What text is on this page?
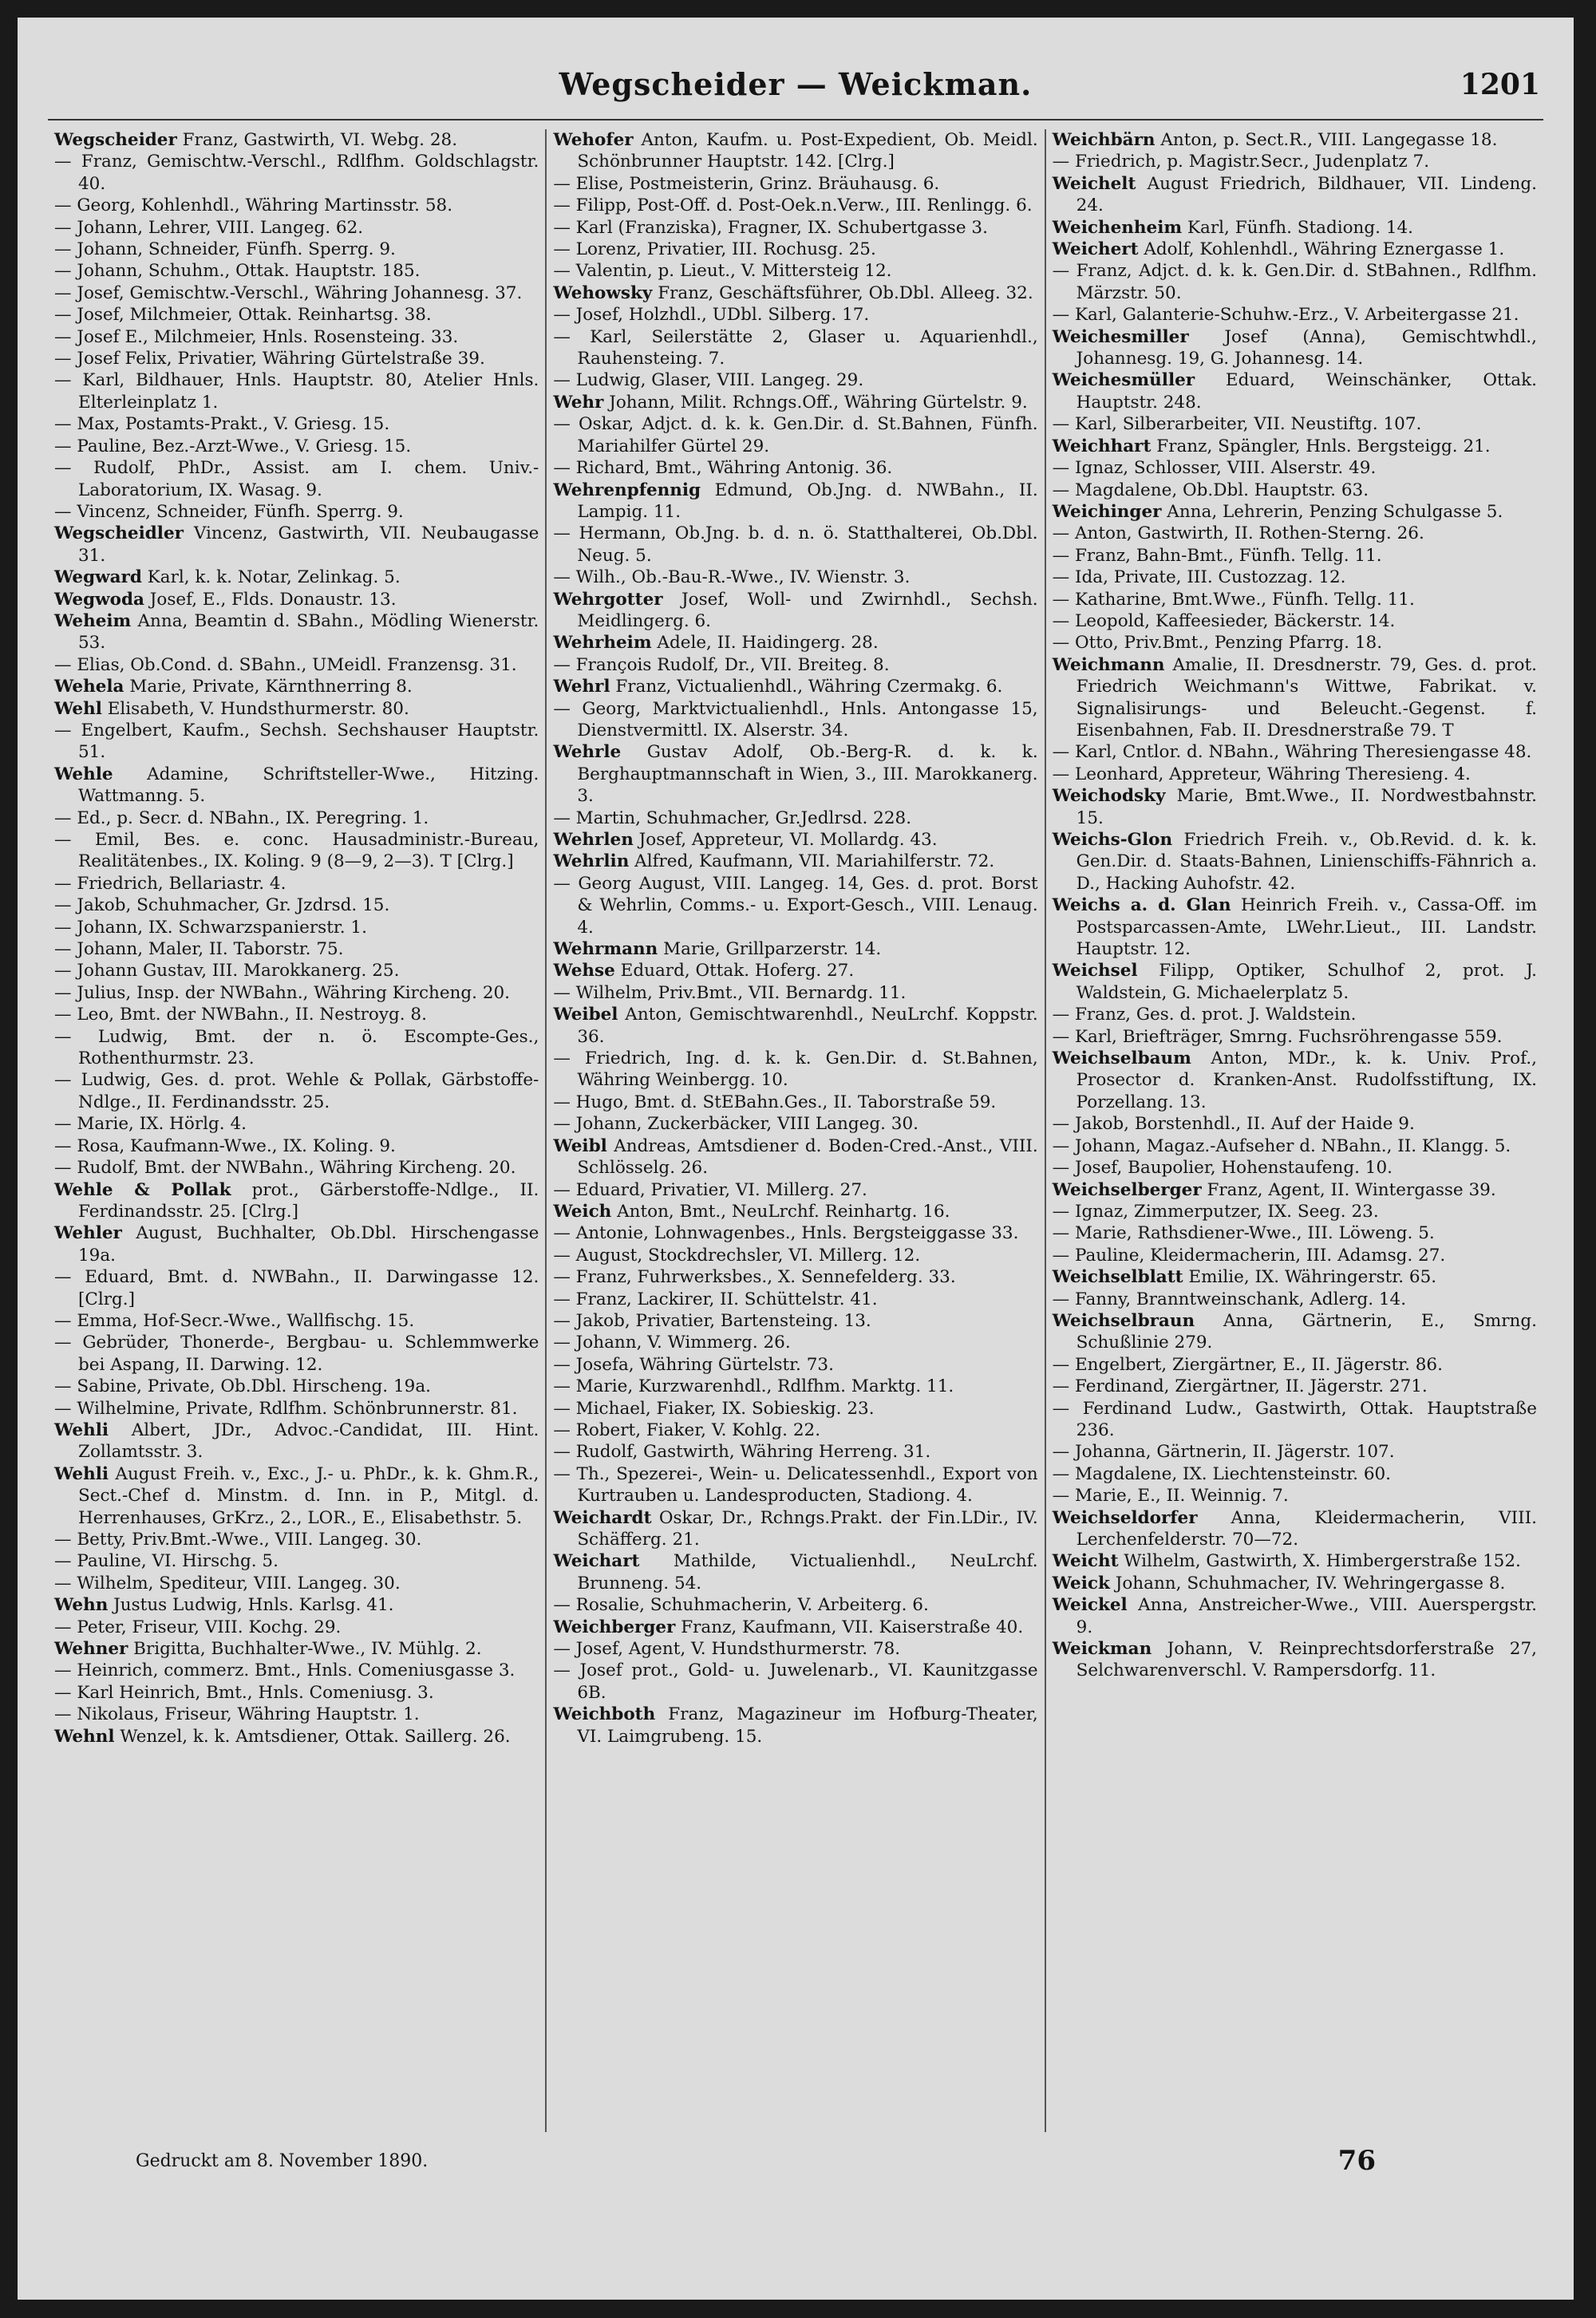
Wegscheider — Weickman.	1201

Wegscheider Franz, Gastwirth, VI. Webg. 28.

— Franz, Gemischtw.-Verschl., Rdlfhm. Goldschlagstr. 40.

— Georg, Kohlenhdl., Währing Martinsstr. 58.

— Johann, Lehrer, VIII. Langeg. 62.

— Johann, Schneider, Fünfh. Sperrg. 9.

— Johann, Schuhm., Ottak. Hauptstr. 185.

— Josef, Gemischtw.-Verschl., Währing Johannesg. 37.

— Josef, Milchmeier, Ottak. Reinhartsg. 38.

— Josef E., Milchmeier, Hnls. Rosensteing. 33.

— Josef Felix, Privatier, Währing Gürtelstraße 39.

— Karl, Bildhauer, Hnls. Hauptstr. 80, Atelier Hnls. Elterleinplatz 1.

— Max, Postamts-Prakt., V. Griesg. 15.

— Pauline, Bez.-Arzt-Wwe., V. Griesg. 15.

— Rudolf, PhDr., Assist. am I. chem. Univ.-Laboratorium, IX. Wasag. 9.

— Vincenz, Schneider, Fünfh. Sperrg. 9.

Wegscheidler Vincenz, Gastwirth, VII. Neubaugasse 31.

Wegward Karl, k. k. Notar, Zelinkag. 5.

Wegwoda Josef, E., Flds. Donaustr. 13.

Weheim Anna, Beamtin d. SBahn., Mödling Wienerstr. 53.

— Elias, Ob.Cond. d. SBahn., UMeidl. Franzensg. 31.

Wehela Marie, Private, Kärnthnerring 8.

Wehl Elisabeth, V. Hundsthurmerstr. 80.

— Engelbert, Kaufm., Sechsh. Sechshauser Hauptstr. 51.

Wehle Adamine, Schriftsteller-Wwe., Hitzing. Wattmanng. 5.

— Ed., p. Secr. d. NBahn., IX. Peregring. 1.

— Emil, Bes. e. conc. Hausadministr.-Bureau, Realitätenbes., IX. Koling. 9 (8—9, 2—3). T [Clrg.]

— Friedrich, Bellariastr. 4.

— Jakob, Schuhmacher, Gr. Jzdrsd. 15.

— Johann, IX. Schwarzspanierstr. 1.

— Johann, Maler, II. Taborstr. 75.

— Johann Gustav, III. Marokkanerg. 25.

— Julius, Insp. der NWBahn., Währing Kircheng. 20.

— Leo, Bmt. der NWBahn., II. Nestroyg. 8.

— Ludwig, Bmt. der n. ö. Escompte-Ges., Rothenthurmstr. 23.

— Ludwig, Ges. d. prot. Wehle & Pollak, Gärbstoffe-Ndlge., II. Ferdinandsstr. 25.

— Marie, IX. Hörlg. 4.

— Rosa, Kaufmann-Wwe., IX. Koling. 9.

— Rudolf, Bmt. der NWBahn., Währing Kircheng. 20.

Wehle & Pollak prot., Gärberstoffe-Ndlge., II. Ferdinandsstr. 25. [Clrg.]

Wehler August, Buchhalter, Ob.Dbl. Hirschengasse 19a.

— Eduard, Bmt. d. NWBahn., II. Darwingasse 12. [Clrg.]

— Emma, Hof-Secr.-Wwe., Wallfischg. 15.

— Gebrüder, Thonerde-, Bergbau- u. Schlemmwerke bei Aspang, II. Darwing. 12.

— Sabine, Private, Ob.Dbl. Hirscheng. 19a.

— Wilhelmine, Private, Rdlfhm. Schönbrunnerstr. 81.

Wehli Albert, JDr., Advoc.-Candidat, III. Hint. Zollamtsstr. 3.

Wehli August Freih. v., Exc., J.- u. PhDr., k. k. Ghm.R., Sect.-Chef d. Minstm. d. Inn. in P., Mitgl. d. Herrenhauses, GrKrz., 2., LOR., E., Elisabethstr. 5.

— Betty, Priv.Bmt.-Wwe., VIII. Langeg. 30.

— Pauline, VI. Hirschg. 5.

— Wilhelm, Spediteur, VIII. Langeg. 30.

Wehn Justus Ludwig, Hnls. Karlsg. 41.

— Peter, Friseur, VIII. Kochg. 29.

Wehner Brigitta, Buchhalter-Wwe., IV. Mühlg. 2.

— Heinrich, commerz. Bmt., Hnls. Comeniusgasse 3.

— Karl Heinrich, Bmt., Hnls. Comeniusg. 3.

— Nikolaus, Friseur, Währing Hauptstr. 1.

Wehnl Wenzel, k. k. Amtsdiener, Ottak. Saillerg. 26.

Wehofer Anton, Kaufm. u. Post-Expedient, Ob. Meidl. Schönbrunner Hauptstr. 142. [Clrg.]

— Elise, Postmeisterin, Grinz. Bräuhausg. 6.

— Filipp, Post-Off. d. Post-Oek.n.Verw., III. Renlingg. 6.

— Karl (Franziska), Fragner, IX. Schubertgasse 3.

— Lorenz, Privatier, III. Rochusg. 25.

— Valentin, p. Lieut., V. Mittersteig 12.

Wehowsky Franz, Geschäftsführer, Ob.Dbl. Alleeg. 32.

— Josef, Holzhdl., UDbl. Silberg. 17.

— Karl, Seilerstätte 2, Glaser u. Aquarienhdl., Rauhensteing. 7.

— Ludwig, Glaser, VIII. Langeg. 29.

Wehr Johann, Milit. Rchngs.Off., Währing Gürtelstr. 9.

— Oskar, Adjct. d. k. k. Gen.Dir. d. St.Bahnen, Fünfh. Mariahilfer Gürtel 29.

— Richard, Bmt., Währing Antonig. 36.

Wehrenpfennig Edmund, Ob.Jng. d. NWBahn., II. Lampig. 11.

— Hermann, Ob.Jng. b. d. n. ö. Statthalterei, Ob.Dbl. Neug. 5.

— Wilh., Ob.-Bau-R.-Wwe., IV. Wienstr. 3.

Wehrgotter Josef, Woll- und Zwirnhdl., Sechsh. Meidlingerg. 6.

Wehrheim Adele, II. Haidingerg. 28.

— François Rudolf, Dr., VII. Breiteg. 8.

Wehrl Franz, Victualienhdl., Währing Czermakg. 6.

— Georg, Marktvictualienhdl., Hnls. Antongasse 15, Dienstvermittl. IX. Alserstr. 34.

Wehrle Gustav Adolf, Ob.-Berg-R. d. k. k. Berghauptmannschaft in Wien, 3., III. Marokkanerg. 3.

— Martin, Schuhmacher, Gr.Jedlrsd. 228.

Wehrlen Josef, Appreteur, VI. Mollardg. 43.

Wehrlin Alfred, Kaufmann, VII. Mariahilferstr. 72.

— Georg August, VIII. Langeg. 14, Ges. d. prot. Borst & Wehrlin, Comms.- u. Export-Gesch., VIII. Lenaug. 4.

Wehrmann Marie, Grillparzerstr. 14.

Wehse Eduard, Ottak. Hoferg. 27.

— Wilhelm, Priv.Bmt., VII. Bernardg. 11.

Weibel Anton, Gemischtwarenhdl., NeuLrchf. Koppstr. 36.

— Friedrich, Ing. d. k. k. Gen.Dir. d. St.Bahnen, Währing Weinbergg. 10.

— Hugo, Bmt. d. StEBahn.Ges., II. Taborstraße 59.

— Johann, Zuckerbäcker, VIII Langeg. 30.

Weibl Andreas, Amtsdiener d. Boden-Cred.-Anst., VIII. Schlösselg. 26.

— Eduard, Privatier, VI. Millerg. 27.

Weich Anton, Bmt., NeuLrchf. Reinhartg. 16.

— Antonie, Lohnwagenbes., Hnls. Bergsteiggasse 33.

— August, Stockdrechsler, VI. Millerg. 12.

— Franz, Fuhrwerksbes., X. Sennefelderg. 33.

— Franz, Lackirer, II. Schüttelstr. 41.

— Jakob, Privatier, Bartensteing. 13.

— Johann, V. Wimmerg. 26.

— Josefa, Währing Gürtelstr. 73.

— Marie, Kurzwarenhdl., Rdlfhm. Marktg. 11.

— Michael, Fiaker, IX. Sobieskig. 23.

— Robert, Fiaker, V. Kohlg. 22.

— Rudolf, Gastwirth, Währing Herreng. 31.

— Th., Spezerei-, Wein- u. Delicatessenhdl., Export von Kurtrauben u. Landesproducten, Stadiong. 4.

Weichardt Oskar, Dr., Rchngs.Prakt. der Fin.LDir., IV. Schäfferg. 21.

Weichart Mathilde, Victualienhdl., NeuLrchf. Brunneng. 54.

— Rosalie, Schuhmacherin, V. Arbeiterg. 6.

Weichberger Franz, Kaufmann, VII. Kaiserstraße 40.

— Josef, Agent, V. Hundsthurmerstr. 78.

— Josef prot., Gold- u. Juwelenarb., VI. Kaunitzgasse 6B.

Weichboth Franz, Magazineur im Hofburg-Theater, VI. Laimgrubeng. 15.

Weichbärn Anton, p. Sect.R., VIII. Langegasse 18.

— Friedrich, p. Magistr.Secr., Judenplatz 7.

Weichelt August Friedrich, Bildhauer, VII. Lindeng. 24.

Weichenheim Karl, Fünfh. Stadiong. 14.

Weichert Adolf, Kohlenhdl., Währing Eznergasse 1.

— Franz, Adjct. d. k. k. Gen.Dir. d. StBahnen., Rdlfhm. Märzstr. 50.

— Karl, Galanterie-Schuhw.-Erz., V. Arbeitergasse 21.

Weichesmiller Josef (Anna), Gemischtwhdl., Johannesg. 19, G. Johannesg. 14.

Weichesmüller Eduard, Weinschänker, Ottak. Hauptstr. 248.

— Karl, Silberarbeiter, VII. Neustiftg. 107.

Weichhart Franz, Spängler, Hnls. Bergsteigg. 21.

— Ignaz, Schlosser, VIII. Alserstr. 49.

— Magdalene, Ob.Dbl. Hauptstr. 63.

Weichinger Anna, Lehrerin, Penzing Schulgasse 5.

— Anton, Gastwirth, II. Rothen-Sterng. 26.

— Franz, Bahn-Bmt., Fünfh. Tellg. 11.

— Ida, Private, III. Custozzag. 12.

— Katharine, Bmt.Wwe., Fünfh. Tellg. 11.

— Leopold, Kaffeesieder, Bäckerstr. 14.

— Otto, Priv.Bmt., Penzing Pfarrg. 18.

Weichmann Amalie, II. Dresdnerstr. 79, Ges. d. prot. Friedrich Weichmann's Wittwe, Fabrikat. v. Signalisirungs- und Beleucht.-Gegenst. f. Eisenbahnen, Fab. II. Dresdnerstraße 79. T

— Karl, Cntlor. d. NBahn., Währing Theresiengasse 48.

— Leonhard, Appreteur, Währing Theresieng. 4.

Weichodsky Marie, Bmt.Wwe., II. Nordwestbahnstr. 15.

Weichs-Glon Friedrich Freih. v., Ob.Revid. d. k. k. Gen.Dir. d. Staats-Bahnen, Linienschiffs-Fähnrich a. D., Hacking Auhofstr. 42.

Weichs a. d. Glan Heinrich Freih. v., Cassa-Off. im Postsparcassen-Amte, LWehr.Lieut., III. Landstr. Hauptstr. 12.

Weichsel Filipp, Optiker, Schulhof 2, prot. J. Waldstein, G. Michaelerplatz 5.

— Franz, Ges. d. prot. J. Waldstein.

— Karl, Briefträger, Smrng. Fuchsröhrengasse 559.

Weichselbaum Anton, MDr., k. k. Univ. Prof., Prosector d. Kranken-Anst. Rudolfsstiftung, IX. Porzellang. 13.

— Jakob, Borstenhdl., II. Auf der Haide 9.

— Johann, Magaz.-Aufseher d. NBahn., II. Klangg. 5.

— Josef, Baupolier, Hohenstaufeng. 10.

Weichselberger Franz, Agent, II. Wintergasse 39.

— Ignaz, Zimmerputzer, IX. Seeg. 23.

— Marie, Rathsdiener-Wwe., III. Löweng. 5.

— Pauline, Kleidermacherin, III. Adamsg. 27.

Weichselblatt Emilie, IX. Währingerstr. 65.

— Fanny, Branntweinschank, Adlerg. 14.

Weichselbraun Anna, Gärtnerin, E., Smrng. Schußlinie 279.

— Engelbert, Ziergärtner, E., II. Jägerstr. 86.

— Ferdinand, Ziergärtner, II. Jägerstr. 271.

— Ferdinand Ludw., Gastwirth, Ottak. Hauptstraße 236.

— Johanna, Gärtnerin, II. Jägerstr. 107.

— Magdalene, IX. Liechtensteinstr. 60.

— Marie, E., II. Weinnig. 7.

Weichseldorfer Anna, Kleidermacherin, VIII. Lerchenfelderstr. 70—72.

Weicht Wilhelm, Gastwirth, X. Himbergerstraße 152.

Weick Johann, Schuhmacher, IV. Wehringergasse 8.

Weickel Anna, Anstreicher-Wwe., VIII. Auerspergstr. 9.

Weickman Johann, V. Reinprechtsdorferstraße 27, Selchwarenverschl. V. Rampersdorfg. 11.

Gedruckt am 8. November 1890.	76
